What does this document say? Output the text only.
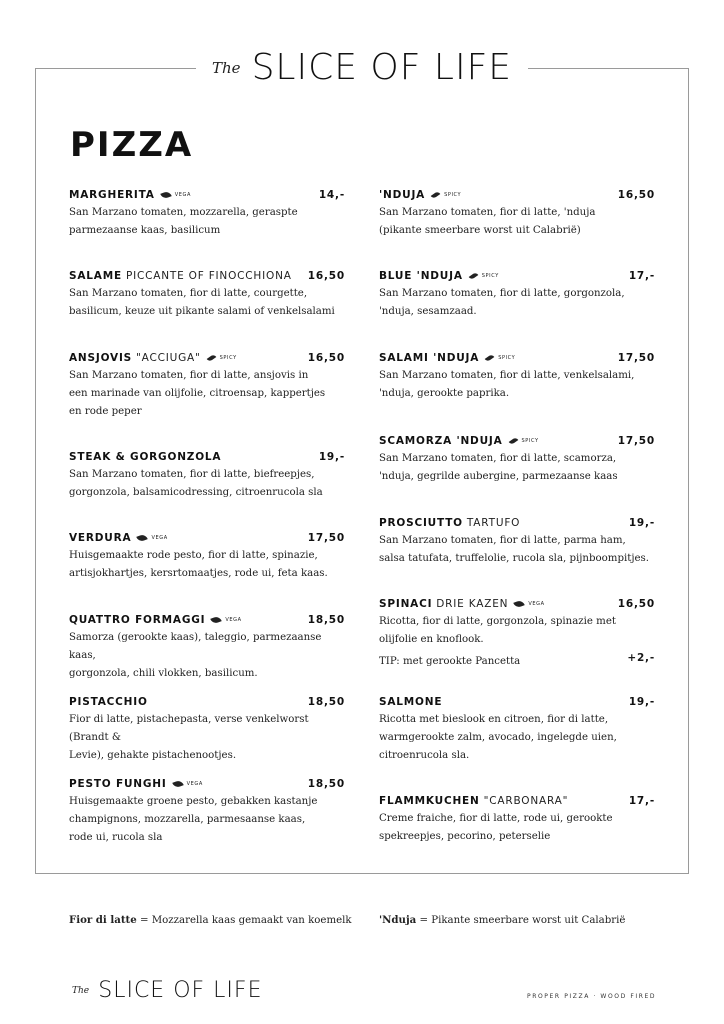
The SLICE OF LIFE
PIZZA
MARGHERITA	VEGA	14,-
San Marzano tomaten, mozzarella, geraspte
parmezaanse kaas, basilicum
SALAME PICCANTE OF FINOCCHIONA 16,50
San Marzano tomaten, fior di latte, courgette,
basilicum, keuze uit pikante salami of venkelsalami
ANSJOVIS "ACCIUGA"	SPICY	16,50
San Marzano tomaten, fior di latte, ansjovis in
een marinade van olijfolie, citroensap, kappertjes
en rode peper
STEAK & GORGONZOLA	19,-
San Marzano tomaten, fior di latte, biefreepjes,
gorgonzola, balsamicodressing, citroenrucola sla
VERDURA	VEGA	17,50
Huisgemaakte rode pesto, fior di latte, spinazie,
artisjokhartjes, kersrtomaatjes, rode ui, feta kaas.
QUATTRO FORMAGGI	VEGA	18,50
Samorza (gerookte kaas), taleggio, parmezaanse kaas,
gorgonzola, chili vlokken, basilicum.
PISTACCHIO	18,50
Fior di latte, pistachepasta, verse venkelworst (Brandt &
Levie), gehakte pistachenootjes.
PESTO FUNGHI	VEGA	18,50
Huisgemaakte groene pesto, gebakken kastanje
champignons, mozzarella, parmesaanse kaas,
rode ui, rucola sla
'NDUJA	SPICY	16,50
San Marzano tomaten, fior di latte, 'nduja
(pikante smeerbare worst uit Calabrië)
BLUE 'NDUJA	SPICY	17,-
San Marzano tomaten, fior di latte, gorgonzola,
'nduja, sesamzaad.
SALAMI 'NDUJA	SPICY	17,50
San Marzano tomaten, fior di latte, venkelsalami,
'nduja, gerookte paprika.
SCAMORZA 'NDUJA	SPICY	17,50
San Marzano tomaten, fior di latte, scamorza,
'nduja, gegrilde aubergine, parmezaanse kaas
PROSCIUTTO TARTUFO	19,-
San Marzano tomaten, fior di latte, parma ham,
salsa tatufata, truffelolie, rucola sla, pijnboompitjes.
SPINACI DRIE KAZEN	VEGA	16,50
Ricotta, fior di latte, gorgonzola, spinazie met
olijfolie en knoflook.
TIP: met gerookte Pancetta	+2,-
SALMONE	19,-
Ricotta met bieslook en citroen, fior di latte,
warmgerookte zalm, avocado, ingelegde uien,
citroenrucola sla.
FLAMMKUCHEN "CARBONARA"	17,-
Creme fraiche, fior di latte, rode ui, gerookte
spekreepjes, pecorino, peterselie
Fior di latte = Mozzarella kaas gemaakt van koemelk	'Nduja = Pikante smeerbare worst uit Calabrië
The SLICE OF LIFE	PROPER PIZZA · WOOD FIRED
